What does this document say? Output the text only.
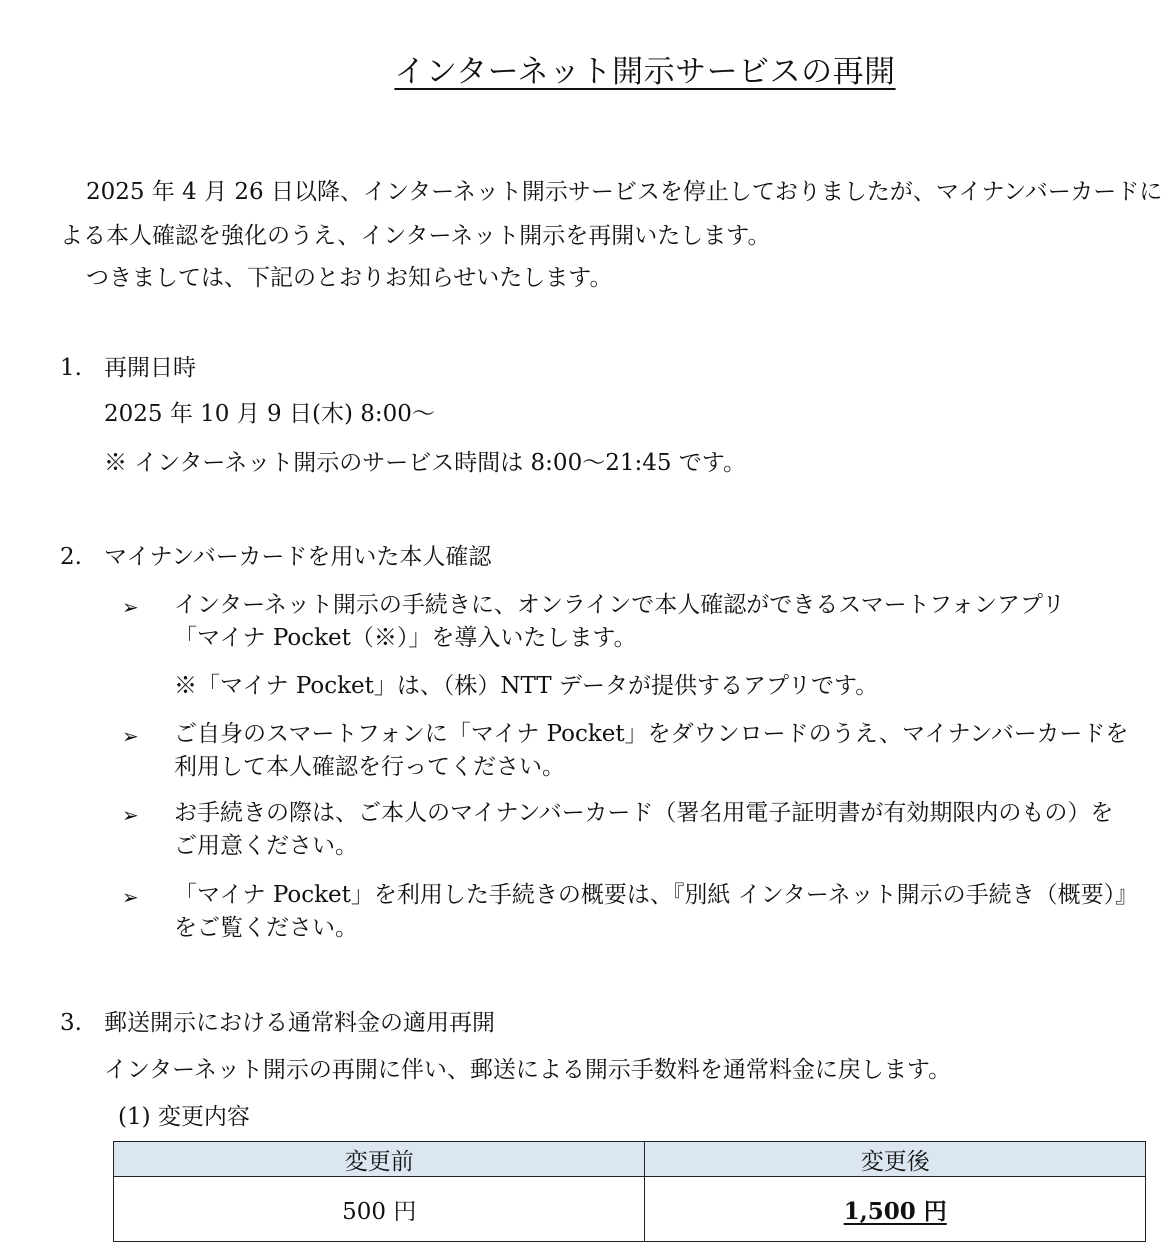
インターネット開示サービスの再開
2025 年 4 月 26 日以降、インターネット開示サービスを停止しておりましたが、マイナンバーカードに
よる本人確認を強化のうえ、インターネット開示を再開いたします。
つきましては、下記のとおりお知らせいたします。
1. 再開日時
2025 年 10 月 9 日(木) 8:00～
※ インターネット開示のサービス時間は 8:00～21:45 です。
2. マイナンバーカードを用いた本人確認
➢ インターネット開示の手続きに、オンラインで本人確認ができるスマートフォンアプリ
「マイナ Pocket（※）」を導入いたします。
※「マイナ Pocket」は、（株）NTT データが提供するアプリです。
➢ ご自身のスマートフォンに「マイナ Pocket」をダウンロードのうえ、マイナンバーカードを
利用して本人確認を行ってください。
➢ お手続きの際は、ご本人のマイナンバーカード（署名用電子証明書が有効期限内のもの）を
ご用意ください。
➢ 「マイナ Pocket」を利用した手続きの概要は、『別紙 インターネット開示の手続き（概要）』
をご覧ください。
3. 郵送開示における通常料金の適用再開
インターネット開示の再開に伴い、郵送による開示手数料を通常料金に戻します。
(1) 変更内容
変更前	変更後
500 円	1,500 円
